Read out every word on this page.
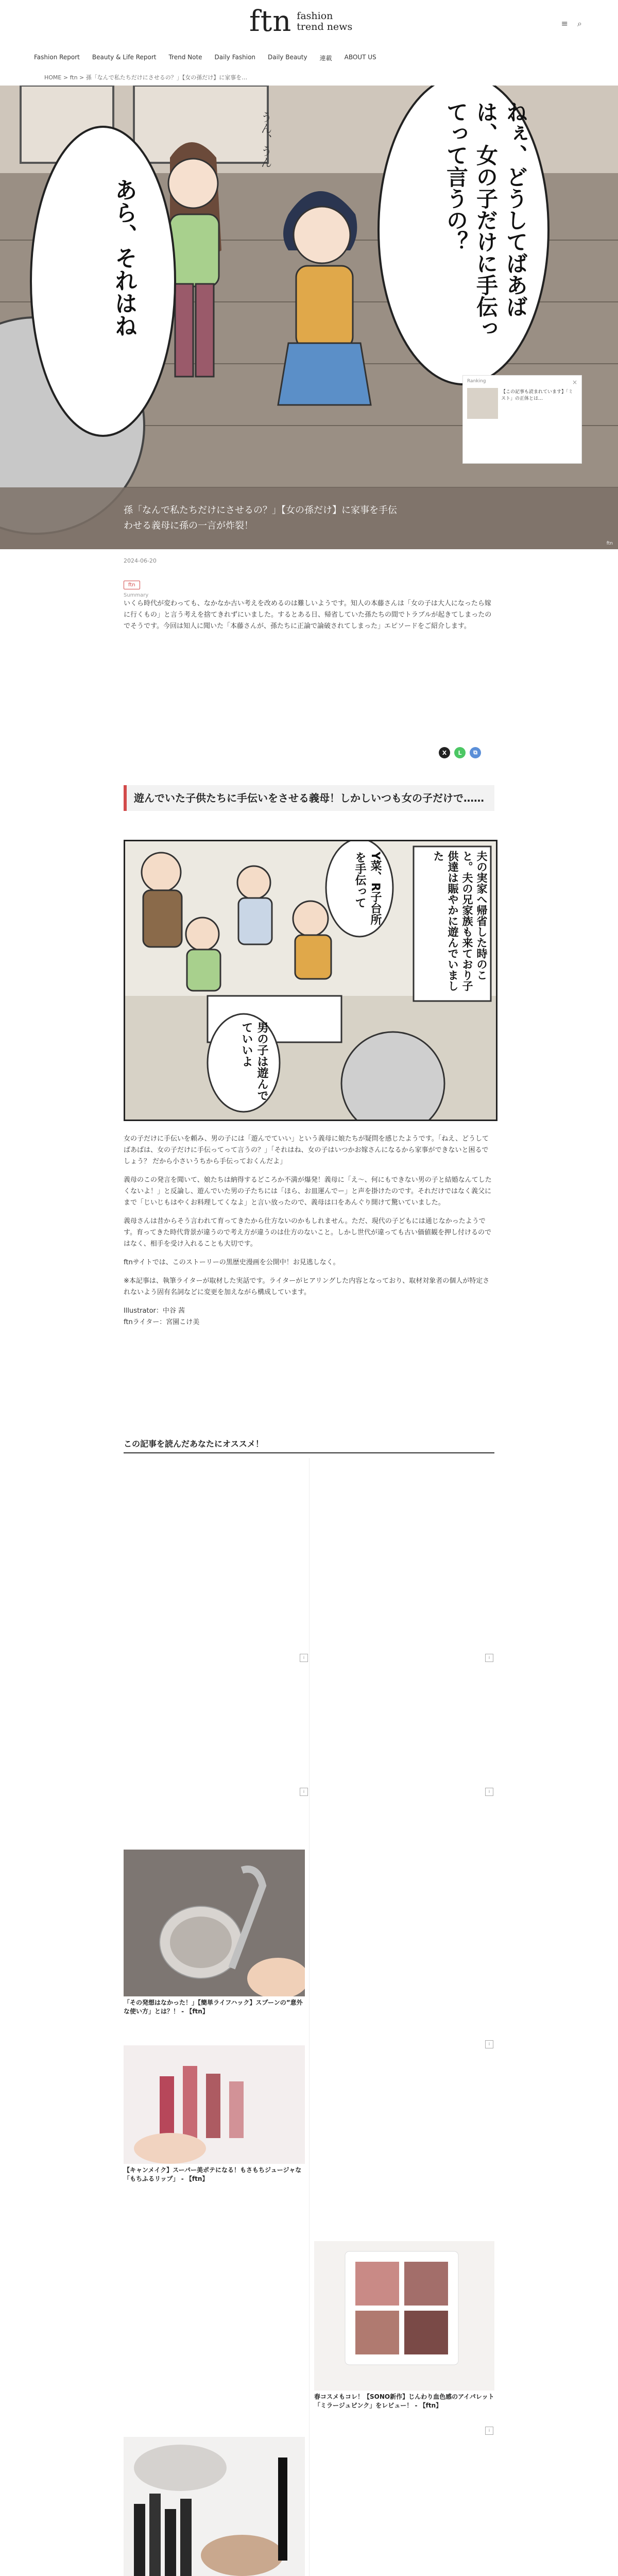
ftn fashion
trend news	≡ ⌕
Fashion Report Beauty & Life Report Trend Note Daily Fashion Daily Beauty 連載 ABOUT US
HOME > ftn > 孫「なんで私たちだけにさせるの？」【女の孫だけ】に家事を…
ねぇ、どうしてばあばは、女の子だけに手伝ってって言うの？
あら、それはね
うん、うん
孫「なんで私たちだけにさせるの？」【女の孫だけ】に家事を手伝
わせる義母に孫の一言が炸裂！
ftn
×
Ranking
【この記事も読まれています】「ミスト」の正体とは…
2024-06-20
ftn
Summary
いくら時代が変わっても、なかなか古い考えを改めるのは難しいようです。知人の本藤さんは「女の子は大人になったら嫁に行くもの」と言う考えを捨てきれずにいました。するとある日、帰省していた孫たちの間でトラブルが起きてしまったのでそうです。今回は知人に聞いた「本藤さんが、孫たちに正論で論破されてしまった」エピソードをご紹介します。
X	L	⧉
遊んでいた子供たちに手伝いをさせる義母！しかしいつも女の子だけで……
夫の実家へ帰省した時のこと。夫の兄家族も来ており子供達は賑やかに遊んでいました
Y菜、R子台所を手伝って
男の子は遊んでていいよ
女の子だけに手伝いを頼み、男の子には「遊んでていい」という義母に娘たちが疑問を感じたようです。「ねえ、どうしてばあばは、女の子だけに手伝ってって言うの？」「それはね、女の子はいつかお嫁さんになるから家事ができないと困るでしょう？ だから小さいうちから手伝っておくんだよ」
義母のこの発言を聞いて、娘たちは納得するどころか不満が爆発！義母に「え〜、何にもできない男の子と結婚なんてしたくないよ！」と反論し、遊んでいた男の子たちには「ほら、お皿運んでー」と声を掛けたのです。それだけではなく義父にまで「じいじもはやくお料理してくなよ」と言い放ったので、義母は口をあんぐり開けて驚いていました。
義母さんは昔からそう言われて育ってきたから仕方ないのかもしれません。ただ、現代の子どもには通じなかったようです。育ってきた時代背景が違うので考え方が違うのは仕方のないこと。しかし世代が違っても古い価値観を押し付けるのではなく、相手を受け入れることも大切です。
ftnサイトでは、このストーリーの黒歴史漫画を公開中！お見逃しなく。
※本記事は、執筆ライターが取材した実話です。ライターがヒアリングした内容となっており、取材対象者の個人が特定されないよう固有名詞などに変更を加えながら構成しています。
Illustrator：中谷 茜
ftnライター：宮園こけ美
この記事を読んだあなたにオススメ！
i
i
i	i
「その発想はなかった！」【簡単ライフハック】スプーンの”意外な使い方」とは？！ - 【ftn】
i
【キャンメイク】スーパー美ポテになる！もさもちジュージャな「もちふるリップ」 - 【ftn】
春コスメもコレ！【SONO新作】じんわり血色感のアイパレット「ミラージュピンク」をレビュー！ - 【ftn】
i
